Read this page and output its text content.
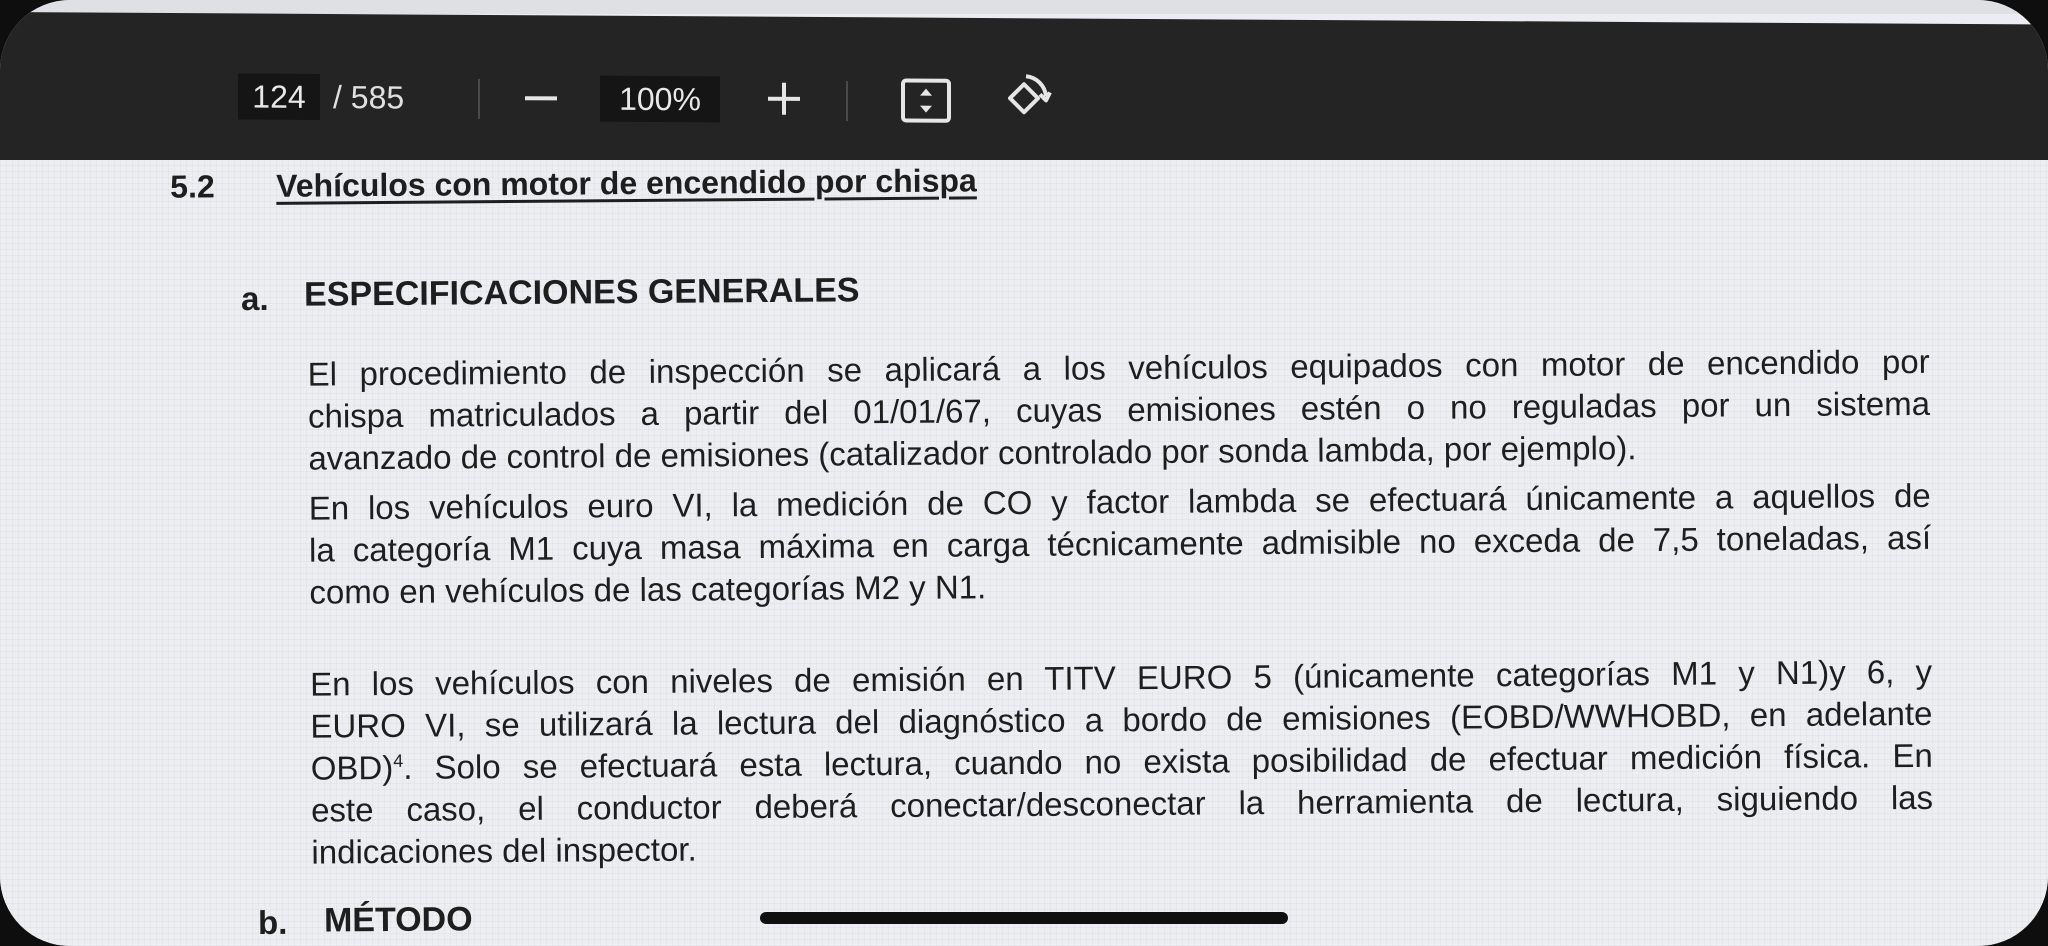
124 / 585	100%
5.2 Vehículos con motor de encendido por chispa
a. ESPECIFICACIONES GENERALES
El procedimiento de inspección se aplicará a los vehículos equipados con motor de encendido por
chispa matriculados a partir del 01/01/67, cuyas emisiones estén o no reguladas por un sistema
avanzado de control de emisiones (catalizador controlado por sonda lambda, por ejemplo).
En los vehículos euro VI, la medición de CO y factor lambda se efectuará únicamente a aquellos de
la categoría M1 cuya masa máxima en carga técnicamente admisible no exceda de 7,5 toneladas, así
como en vehículos de las categorías M2 y N1.
En los vehículos con niveles de emisión en TITV EURO 5 (únicamente categorías M1 y N1)y 6, y
EURO VI, se utilizará la lectura del diagnóstico a bordo de emisiones (EOBD/WWHOBD, en adelante
OBD)$^4$. Solo se efectuará esta lectura, cuando no exista posibilidad de efectuar medición física. En
este caso, el conductor deberá conectar/desconectar la herramienta de lectura, siguiendo las
indicaciones del inspector.
b. MÉTODO
